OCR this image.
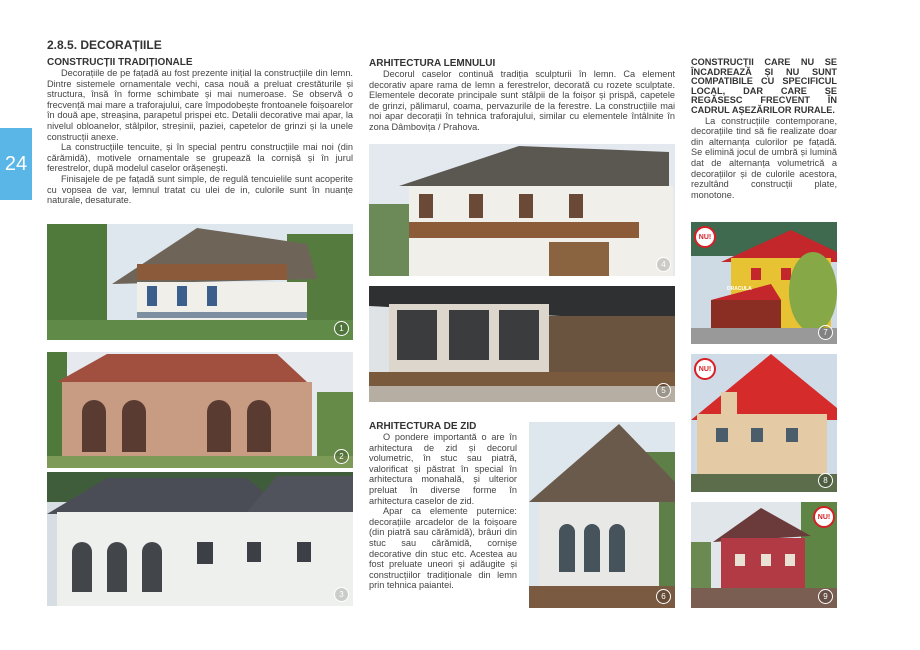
24
2.8.5. DECORAȚIILE
CONSTRUCȚII TRADIȚIONALE

Decorațiile de pe fațadă au fost prezente inițial la construcțiile din lemn. Dintre sistemele ornamentale vechi, casa nouă a preluat crestăturile și structura, însă în forme schimbate și mai numeroase. Se observă o frecvență mai mare a traforajului, care împodobește frontoanele foișoarelor în două ape, streașina, parapetul prispei etc. Detalii decorative mai apar, la nivelul obloanelor, stâlpilor, streșinii, paziei, capetelor de grinzi și la unele construcții anexe.

La construcțiile tencuite, și în special pentru construcțiile mai noi (din cărămidă), motivele ornamentale se grupează la cornișă și în jurul ferestrelor, după modelul caselor orășenești.

Finisajele de pe fațadă sunt simple, de regulă tencuielile sunt acoperite cu vopsea de var, lemnul tratat cu ulei de in, culorile sunt în nuanțe naturale, desaturate.

ARHITECTURA LEMNULUI

Decorul caselor continuă tradiția sculpturii în lemn. Ca element decorativ apare rama de lemn a ferestrelor, decorată cu rozete sculptate. Elementele decorate principale sunt stâlpii de la foișor și prispă, capetele de grinzi, pălimarul, coama, pervazurile de la ferestre. La construcțiile mai noi apar decorații în tehnica traforajului, similar cu elementele întâlnite în zona Dâmbovița / Prahova.

ARHITECTURA DE ZID

O pondere importantă o are în arhitectura de zid și decorul volumetric, în stuc sau piatră, valorificat și păstrat în special în arhitectura monahală, și ulterior preluat în diverse forme în arhitectura caselor de zid.

Apar ca elemente puternice: decorațiile arcadelor de la foișoare (din piatră sau cărămidă), brâuri din stuc sau cărămidă, cornișe decorative din stuc etc. Acestea au fost preluate uneori și adăugite și construcțiilor tradiționale din lemn prin tehnica paiantei.

CONSTRUCȚII CARE NU SE ÎNCADREAZĂ ȘI NU SUNT COMPATIBILE CU SPECIFICUL LOCAL, DAR CARE SE REGĂSESC FRECVENT ÎN CADRUL AȘEZĂRILOR RURALE.

La construcțiile contemporane, decorațiile tind să fie realizate doar din alternanța culorilor pe fațadă. Se elimină jocul de umbră și lumină dat de alternanța volumetrică a decorațiilor și de culorile acestora, rezultând construcții plate, monotone.

1
2
3
4
5
6
DRACULA
NU!
7
NU!
8
NU!
9
